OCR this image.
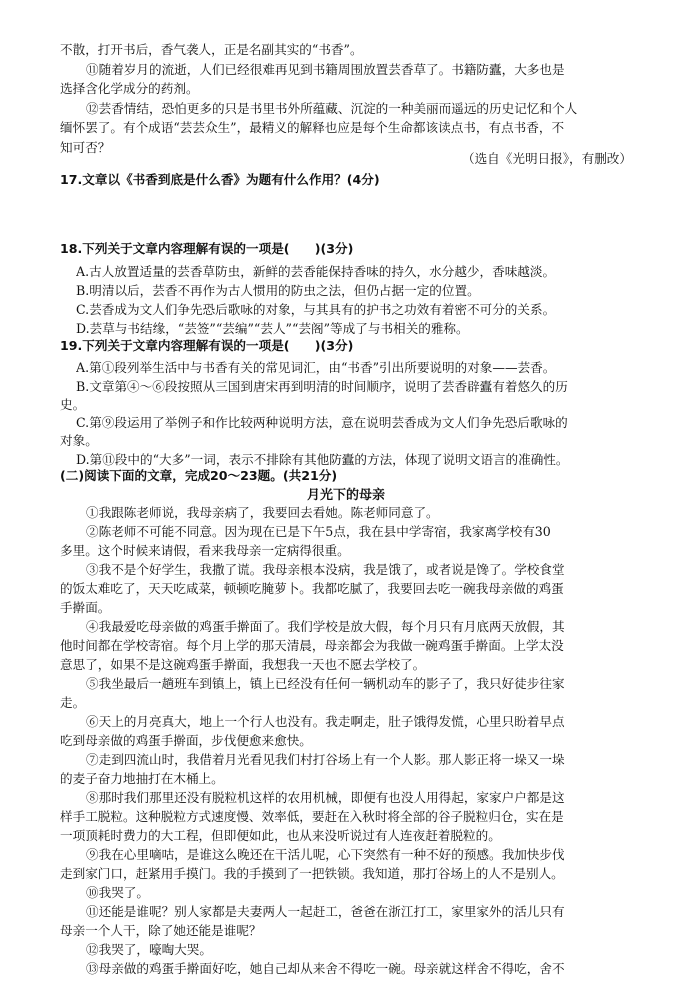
不散，打开书后，香气袭人，正是名副其实的“书香”。
⑪随着岁月的流逝，人们已经很难再见到书籍周围放置芸香草了。书籍防蠹，大多也是
选择含化学成分的药剂。
⑫芸香情结，恐怕更多的只是书里书外所蕴藏、沉淀的一种美丽而遥远的历史记忆和个人
缅怀罢了。有个成语“芸芸众生”，最精义的解释也应是每个生命都该读点书，有点书香，不
知可否？
（选自《光明日报》，有删改）
17.文章以《书香到底是什么香》为题有什么作用？(4分)
18.下列关于文章内容理解有误的一项是(　　)(3分)
A.古人放置适量的芸香草防虫，新鲜的芸香能保持香味的持久，水分越少，香味越淡。
B.明清以后，芸香不再作为古人惯用的防虫之法，但仍占据一定的位置。
C.芸香成为文人们争先恐后歌咏的对象，与其具有的护书之功效有着密不可分的关系。
D.芸草与书结缘，“芸签”“芸编”“芸人”“芸阁”等成了与书相关的雅称。
19.下列关于文章内容理解有误的一项是(　　)(3分)
A.第①段列举生活中与书香有关的常见词汇，由“书香”引出所要说明的对象——芸香。
B.文章第④～⑥段按照从三国到唐宋再到明清的时间顺序，说明了芸香辟蠹有着悠久的历
史。
C.第⑨段运用了举例子和作比较两种说明方法，意在说明芸香成为文人们争先恐后歌咏的
对象。
D.第⑪段中的“大多”一词，表示不排除有其他防蠹的方法，体现了说明文语言的准确性。
(二)阅读下面的文章，完成20～23题。(共21分)
月光下的母亲
①我跟陈老师说，我母亲病了，我要回去看她。陈老师同意了。
②陈老师不可能不同意。因为现在已是下午5点，我在县中学寄宿，我家离学校有30
多里。这个时候来请假，看来我母亲一定病得很重。
③我不是个好学生，我撒了谎。我母亲根本没病，我是饿了，或者说是馋了。学校食堂
的饭太难吃了，天天吃咸菜，顿顿吃腌萝卜。我都吃腻了，我要回去吃一碗我母亲做的鸡蛋
手擀面。
④我最爱吃母亲做的鸡蛋手擀面了。我们学校是放大假，每个月只有月底两天放假，其
他时间都在学校寄宿。每个月上学的那天清晨，母亲都会为我做一碗鸡蛋手擀面。上学太没
意思了，如果不是这碗鸡蛋手擀面，我想我一天也不愿去学校了。
⑤我坐最后一趟班车到镇上，镇上已经没有任何一辆机动车的影子了，我只好徒步往家
走。
⑥天上的月亮真大，地上一个行人也没有。我走啊走，肚子饿得发慌，心里只盼着早点
吃到母亲做的鸡蛋手擀面，步伐便愈来愈快。
⑦走到四流山时，我借着月光看见我们村打谷场上有一个人影。那人影正将一垛又一垛
的麦子奋力地抽打在木桶上。
⑧那时我们那里还没有脱粒机这样的农用机械，即便有也没人用得起，家家户户都是这
样手工脱粒。这种脱粒方式速度慢、效率低，要赶在入秋时将全部的谷子脱粒归仓，实在是
一项顶耗时费力的大工程，但即便如此，也从来没听说过有人连夜赶着脱粒的。
⑨我在心里嘀咕，是谁这么晚还在干活儿呢，心下突然有一种不好的预感。我加快步伐
走到家门口，赶紧用手摸门。我的手摸到了一把铁锁。我知道，那打谷场上的人不是别人。
⑩我哭了。
⑪还能是谁呢？别人家都是夫妻两人一起赶工，爸爸在浙江打工，家里家外的活儿只有
母亲一个人干，除了她还能是谁呢？
⑫我哭了，嚎啕大哭。
⑬母亲做的鸡蛋手擀面好吃，她自己却从来舍不得吃一碗。母亲就这样舍不得吃，舍不
